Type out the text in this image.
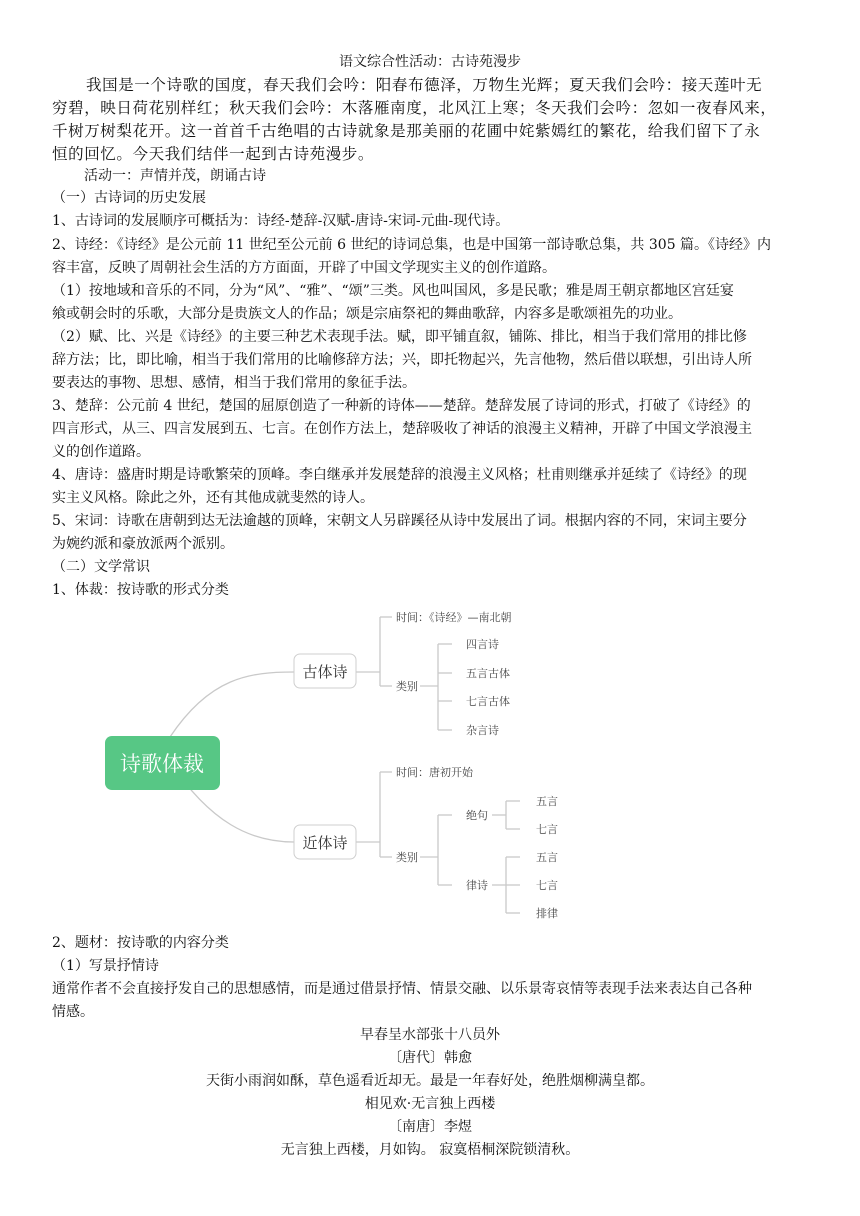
语文综合性活动：古诗苑漫步
我国是一个诗歌的国度，春天我们会吟：阳春布德泽，万物生光辉；夏天我们会吟：接天莲叶无
穷碧，映日荷花别样红；秋天我们会吟：木落雁南度，北风江上寒；冬天我们会吟：忽如一夜春风来，
千树万树梨花开。这一首首千古绝唱的古诗就象是那美丽的花圃中姹紫嫣红的繁花，给我们留下了永
恒的回忆。今天我们结伴一起到古诗苑漫步。
活动一：声情并茂，朗诵古诗
（一）古诗词的历史发展
1、古诗词的发展顺序可概括为：诗经-楚辞-汉赋-唐诗-宋词-元曲-现代诗。
2、诗经：《诗经》是公元前 11 世纪至公元前 6 世纪的诗词总集，也是中国第一部诗歌总集，共 305 篇。《诗经》内
容丰富，反映了周朝社会生活的方方面面，开辟了中国文学现实主义的创作道路。
（1）按地域和音乐的不同，分为“风”、“雅”、“颂”三类。风也叫国风，多是民歌；雅是周王朝京都地区宫廷宴
飨或朝会时的乐歌，大部分是贵族文人的作品；颂是宗庙祭祀的舞曲歌辞，内容多是歌颂祖先的功业。
（2）赋、比、兴是《诗经》的主要三种艺术表现手法。赋，即平铺直叙，铺陈、排比，相当于我们常用的排比修
辞方法；比，即比喻，相当于我们常用的比喻修辞方法；兴，即托物起兴，先言他物，然后借以联想，引出诗人所
要表达的事物、思想、感情，相当于我们常用的象征手法。
3、楚辞：公元前 4 世纪，楚国的屈原创造了一种新的诗体——楚辞。楚辞发展了诗词的形式，打破了《诗经》的
四言形式，从三、四言发展到五、七言。在创作方法上，楚辞吸收了神话的浪漫主义精神，开辟了中国文学浪漫主
义的创作道路。
4、唐诗：盛唐时期是诗歌繁荣的顶峰。李白继承并发展楚辞的浪漫主义风格；杜甫则继承并延续了《诗经》的现
实主义风格。除此之外，还有其他成就斐然的诗人。
5、宋词：诗歌在唐朝到达无法逾越的顶峰，宋朝文人另辟蹊径从诗中发展出了词。根据内容的不同，宋词主要分
为婉约派和豪放派两个派别。
（二）文学常识
1、体裁：按诗歌的形式分类
诗歌体裁
古体诗
时间：《诗经》—南北朝
类别
四言诗
五言古体
七言古体
杂言诗
近体诗
时间：唐初开始
类别
绝句
律诗
五言
七言
五言
七言
排律
2、题材：按诗歌的内容分类
（1）写景抒情诗
通常作者不会直接抒发自己的思想感情，而是通过借景抒情、情景交融、以乐景寄哀情等表现手法来表达自己各种
情感。
早春呈水部张十八员外
〔唐代〕韩愈
天街小雨润如酥，草色遥看近却无。最是一年春好处，绝胜烟柳满皇都。
相见欢·无言独上西楼
〔南唐〕李煜
无言独上西楼，月如钩。 寂寞梧桐深院锁清秋。
